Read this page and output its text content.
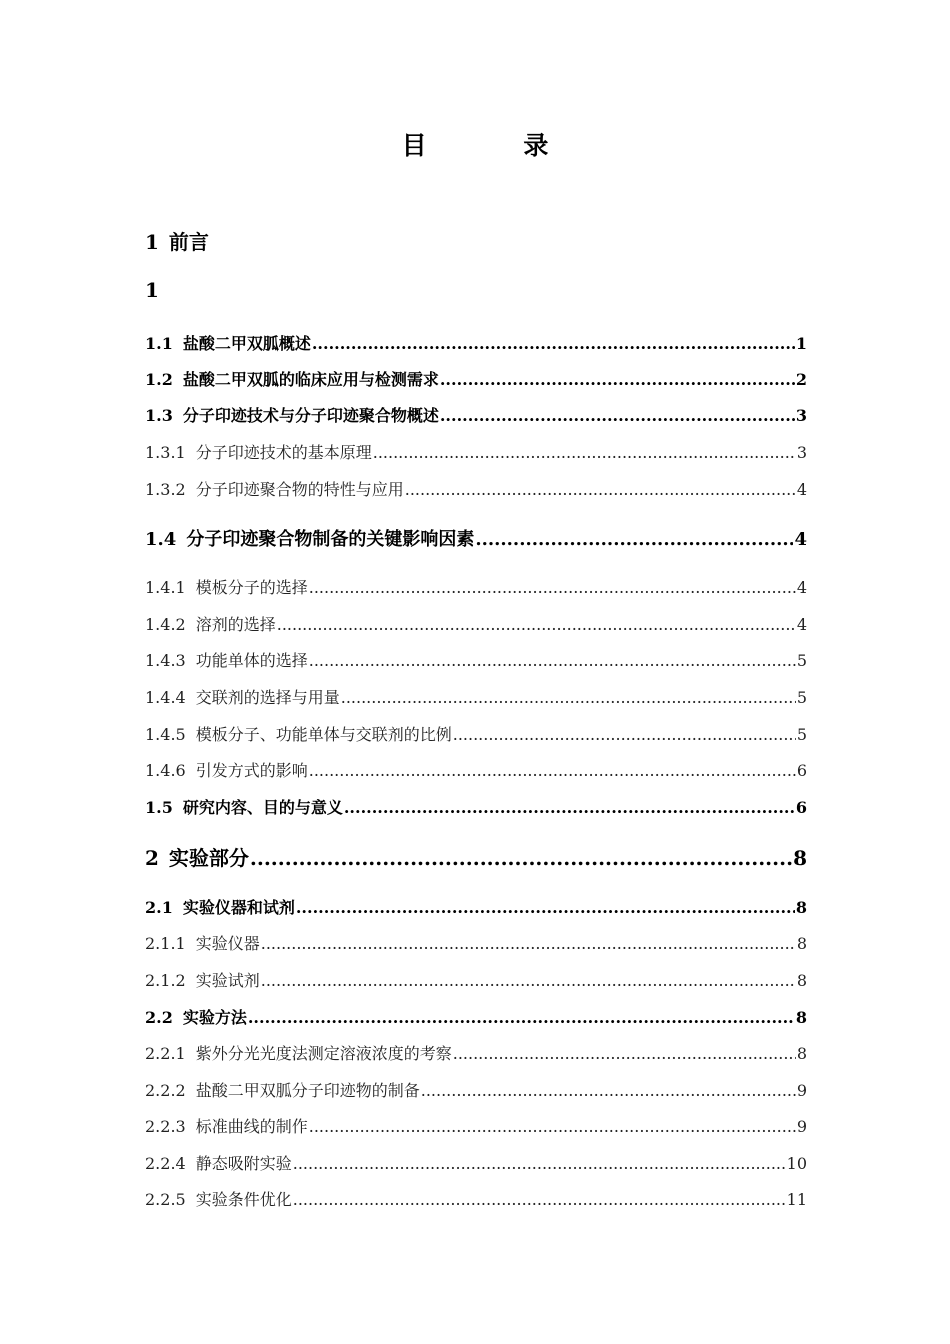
目 录
1 前言
1
1.1 盐酸二甲双胍概述 .....	1
1.2 盐酸二甲双胍的临床应用与检测需求 .....	2
1.3 分子印迹技术与分子印迹聚合物概述 .....	3
1.3.1 分子印迹技术的基本原理 .....	3
1.3.2 分子印迹聚合物的特性与应用 .....	4
1.4 分子印迹聚合物制备的关键影响因素 .....	4
1.4.1 模板分子的选择 .....	4
1.4.2 溶剂的选择 .....	4
1.4.3 功能单体的选择 .....	5
1.4.4 交联剂的选择与用量 .....	5
1.4.5 模板分子、功能单体与交联剂的比例 .....	5
1.4.6 引发方式的影响 .....	6
1.5 研究内容、目的与意义 .....	6
2 实验部分 .....	8
2.1 实验仪器和试剂 .....	8
2.1.1 实验仪器 .....	8
2.1.2 实验试剂 .....	8
2.2 实验方法 .....	8
2.2.1 紫外分光光度法测定溶液浓度的考察 .....	8
2.2.2 盐酸二甲双胍分子印迹物的制备 .....	9
2.2.3 标准曲线的制作 .....	9
2.2.4 静态吸附实验 .....	10
2.2.5 实验条件优化 .....	11
